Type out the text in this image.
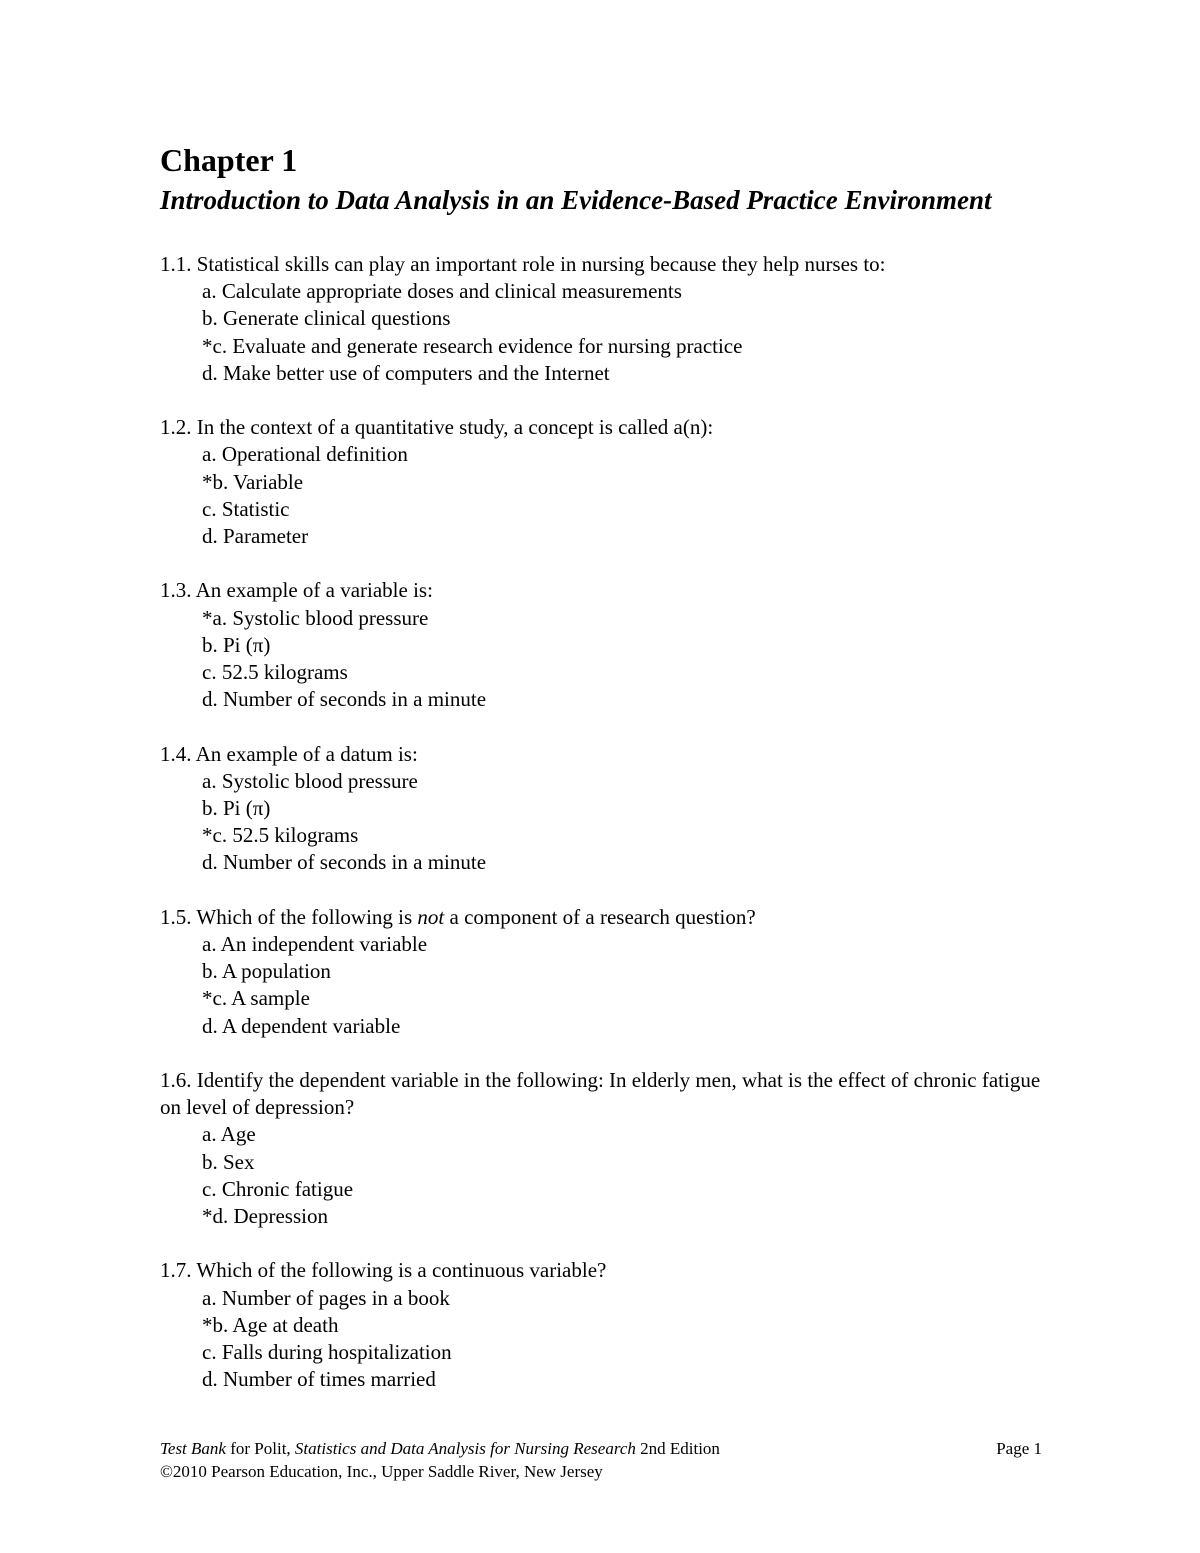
Chapter 1
Introduction to Data Analysis in an Evidence-Based Practice Environment

1.1. Statistical skills can play an important role in nursing because they help nurses to:

a. Calculate appropriate doses and clinical measurements
b. Generate clinical questions
*c. Evaluate and generate research evidence for nursing practice
d. Make better use of computers and the Internet

1.2. In the context of a quantitative study, a concept is called a(n):

a. Operational definition
*b. Variable
c. Statistic
d. Parameter

1.3. An example of a variable is:

*a. Systolic blood pressure
b. Pi (π)
c. 52.5 kilograms
d. Number of seconds in a minute

1.4. An example of a datum is:

a. Systolic blood pressure
b. Pi (π)
*c. 52.5 kilograms
d. Number of seconds in a minute

1.5. Which of the following is not a component of a research question?

a. An independent variable
b. A population
*c. A sample
d. A dependent variable

1.6. Identify the dependent variable in the following: In elderly men, what is the effect of chronic fatigue on level of depression?

a. Age
b. Sex
c. Chronic fatigue
*d. Depression

1.7. Which of the following is a continuous variable?

a. Number of pages in a book
*b. Age at death
c. Falls during hospitalization
d. Number of times married
Test Bank for Polit, Statistics and Data Analysis for Nursing Research 2nd Edition	Page 1
©2010 Pearson Education, Inc., Upper Saddle River, New Jersey
